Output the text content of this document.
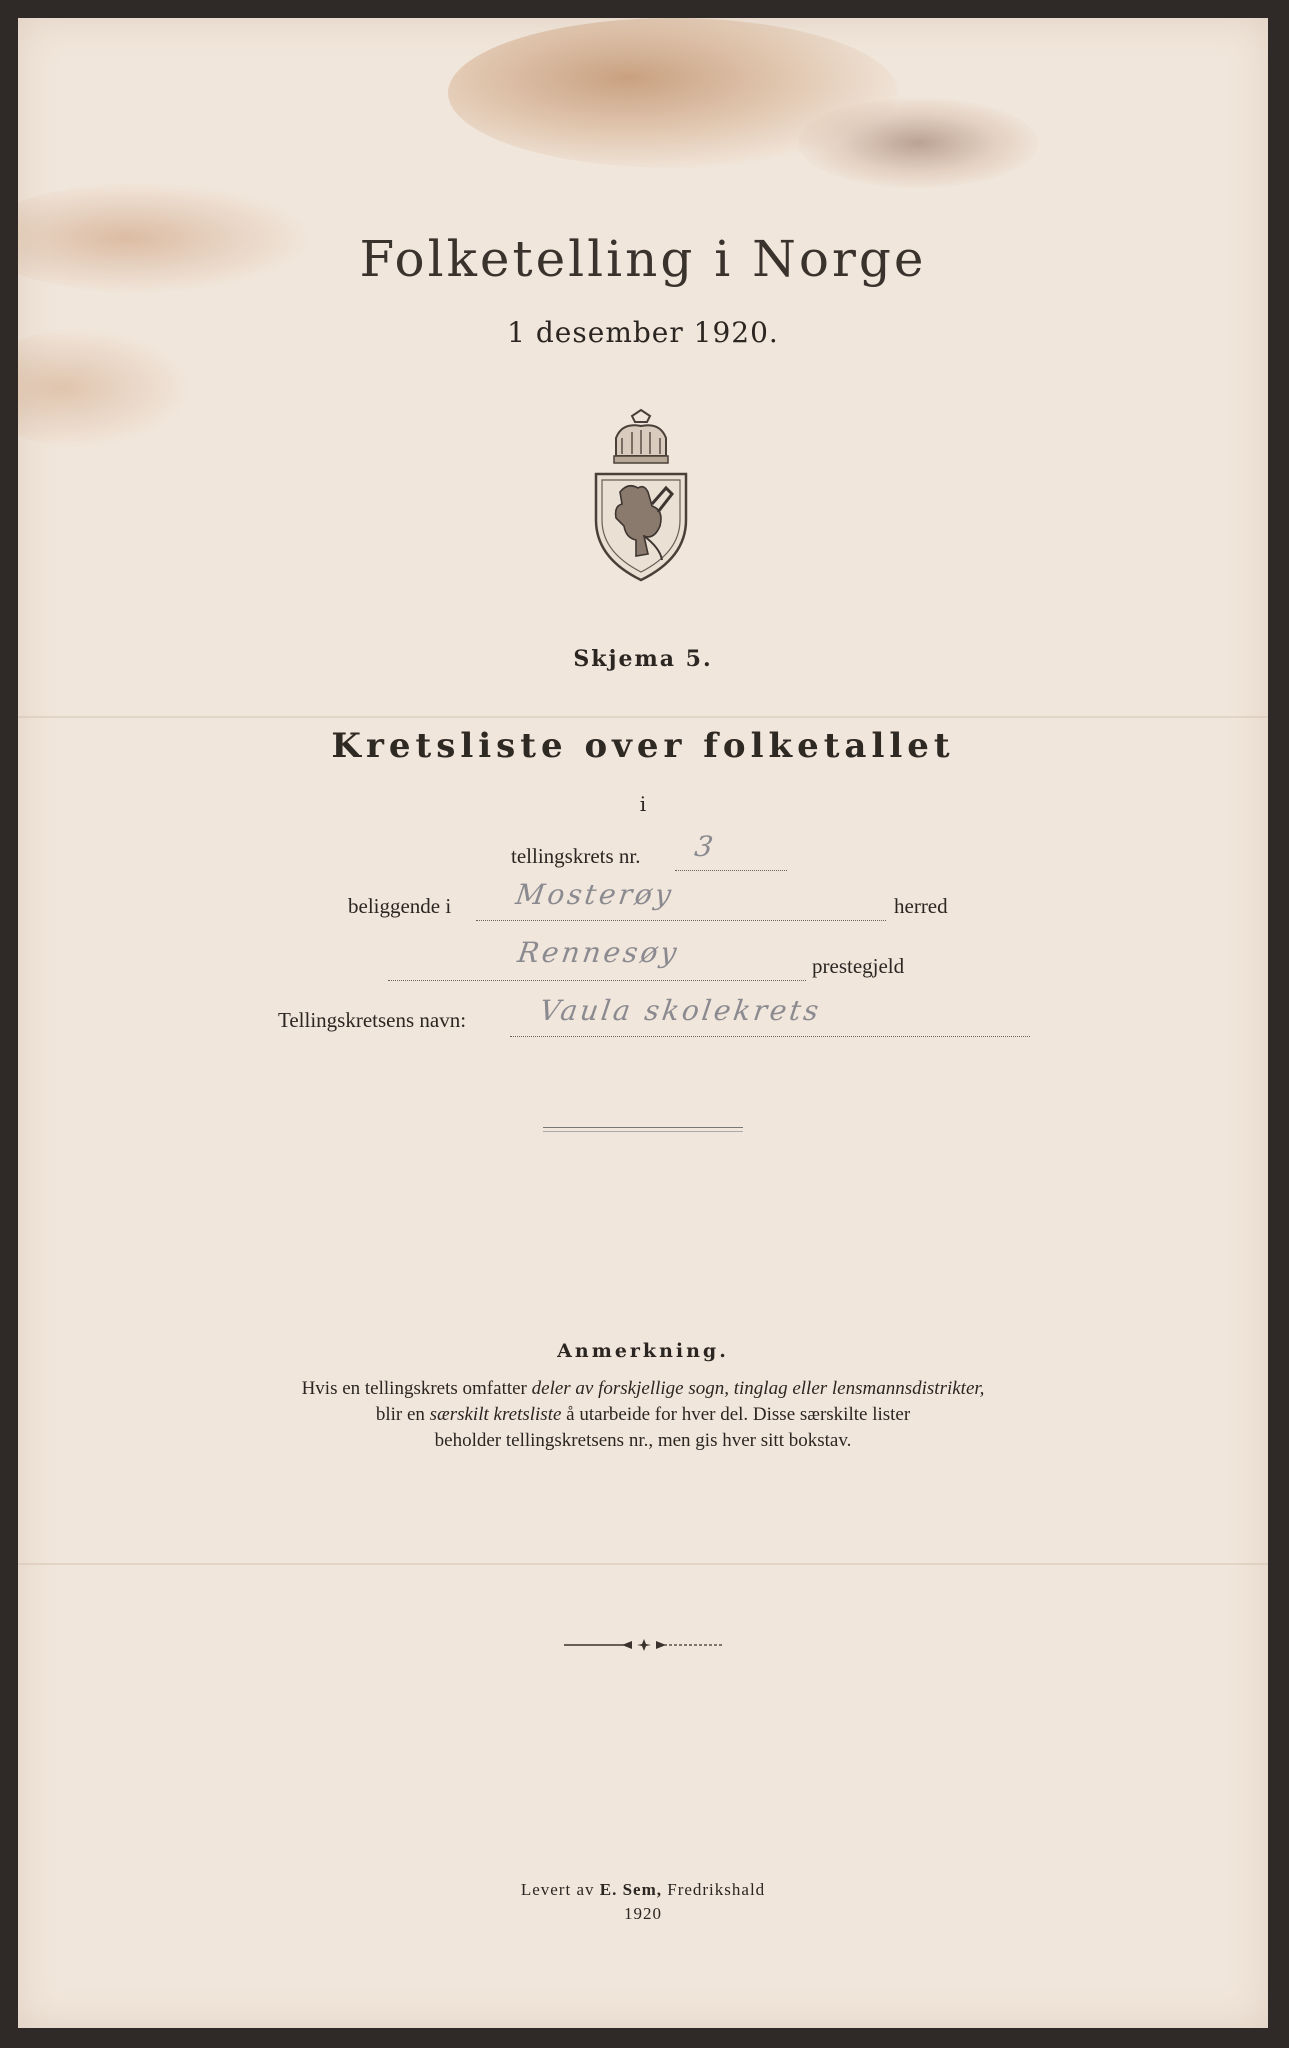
Folketelling i Norge
1 desember 1920.
Skjema 5.
Kretsliste over folketallet
i
tellingskrets nr. 3
beliggende i Mosterøy	herred
Rennesøy	prestegjeld
Tellingskretsens navn:	Vaula skolekrets
Anmerkning.
Hvis en tellingskrets omfatter deler av forskjellige sogn, tinglag eller lensmannsdistrikter,
blir en særskilt kretsliste å utarbeide for hver del. Disse særskilte lister
beholder tellingskretsens nr., men gis hver sitt bokstav.
Levert av E. Sem, Fredrikshald
1920
